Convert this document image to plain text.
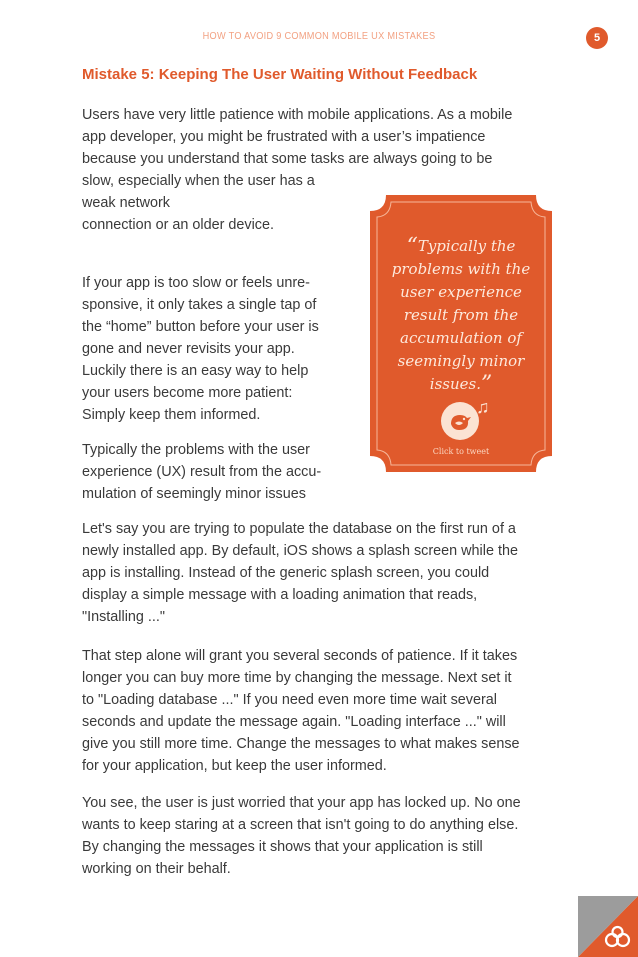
HOW TO AVOID 9 COMMON MOBILE UX MISTAKES	5
Mistake 5: Keeping The User Waiting Without Feedback
Users have very little patience with mobile applications. As a mobile
app developer, you might be frustrated with a user’s impatience
because you understand that some tasks are always going to be
slow, especially when the user has a
weak network
connection or an older device.
If your app is too slow or feels unre-
sponsive, it only takes a single tap of
the “home” button before your user is
gone and never revisits your app.
Luckily there is an easy way to help
your users become more patient:
Simply keep them informed.
Typically the problems with the user
experience (UX) result from the accu-
mulation of seemingly minor issues
Let's say you are trying to populate the database on the first run of a
newly installed app. By default, iOS shows a splash screen while the
app is installing. Instead of the generic splash screen, you could
display a simple message with a loading animation that reads,
"Installing ..."
That step alone will grant you several seconds of patience. If it takes
longer you can buy more time by changing the message. Next set it
to "Loading database ..." If you need even more time wait several
seconds and update the message again. "Loading interface ..." will
give you still more time. Change the messages to what makes sense
for your application, but keep the user informed.
You see, the user is just worried that your app has locked up. No one
wants to keep staring at a screen that isn't going to do anything else.
By changing the messages it shows that your application is still
working on their behalf.
“Typically the
problems with the
user experience
result from the
accumulation of
seemingly minor
issues.”
♫
Click to tweet
